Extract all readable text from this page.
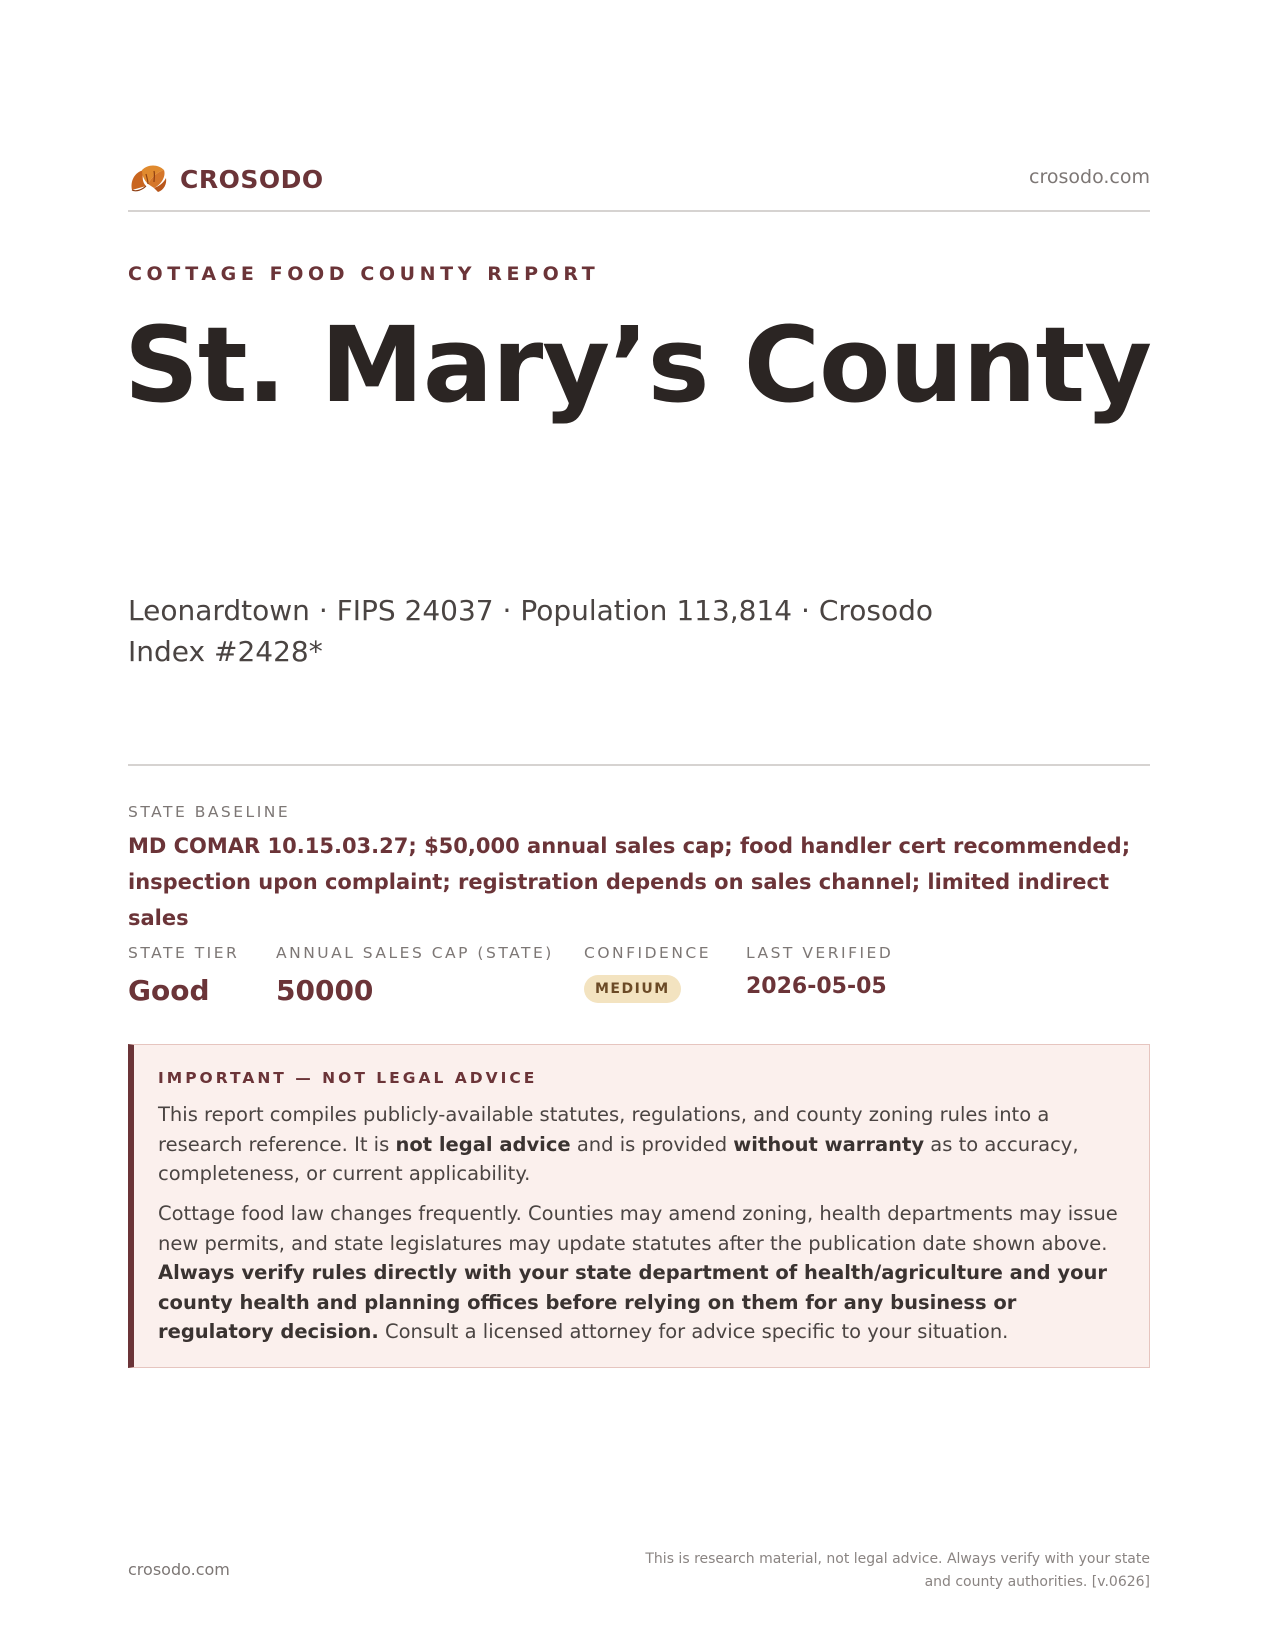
CROSODO	crosodo.com
COTTAGE FOOD COUNTY REPORT
St. Mary’s County
Leonardtown · FIPS 24037 · Population 113,814 · Crosodo Index #2428*
STATE BASELINE
MD COMAR 10.15.03.27; $50,000 annual sales cap; food handler cert recommended; inspection upon complaint; registration depends on sales channel; limited indirect sales
STATE TIER
Good
ANNUAL SALES CAP (STATE)
50000
CONFIDENCE
MEDIUM
LAST VERIFIED
2026-05-05
IMPORTANT — NOT LEGAL ADVICE

This report compiles publicly-available statutes, regulations, and county zoning rules into a research reference. It is not legal advice and is provided without warranty as to accuracy, completeness, or current applicability.

Cottage food law changes frequently. Counties may amend zoning, health departments may issue new permits, and state legislatures may update statutes after the publication date shown above. Always verify rules directly with your state department of health/agriculture and your county health and planning offices before relying on them for any business or regulatory decision. Consult a licensed attorney for advice specific to your situation.

crosodo.com
This is research material, not legal advice. Always verify with your state and county authorities. [v.0626]
